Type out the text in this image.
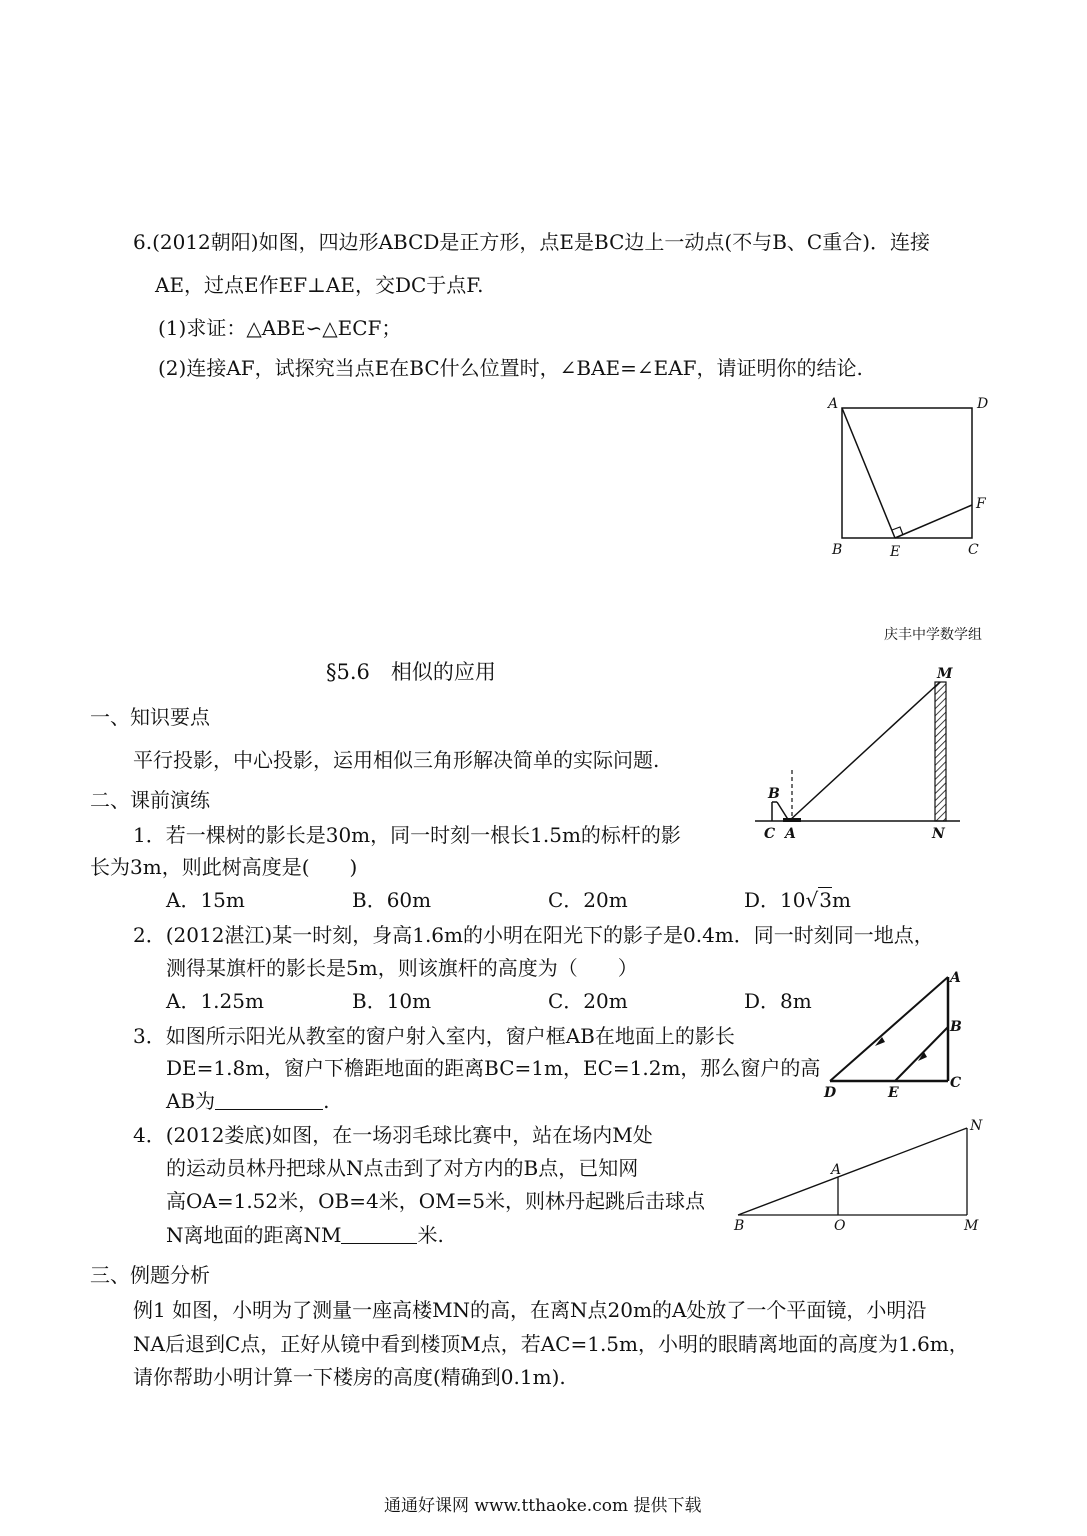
6.(2012朝阳)如图，四边形ABCD是正方形，点E是BC边上一动点(不与B、C重合)．连接
AE，过点E作EF⊥AE，交DC于点F.
(1)求证：△ABE∽△ECF；
(2)连接AF，试探究当点E在BC什么位置时，∠BAE=∠EAF，请证明你的结论.
A	D
B	E	C
F
庆丰中学数学组
§5.6　相似的应用
一、知识要点
平行投影，中心投影，运用相似三角形解决简单的实际问题.
二、课前演练
M
B
C A	N
1．若一棵树的影长是30m，同一时刻一根长1.5m的标杆的影
长为3m，则此树高度是(　　)
A．15m	B．60m	C．20m	D．10√3m
2．(2012湛江)某一时刻，身高1.6m的小明在阳光下的影子是0.4m．同一时刻同一地点，
测得某旗杆的影长是5m，则该旗杆的高度为（　　）
A．1.25m	B．10m	C．20m	D．8m
A
B
C
D	E
3．如图所示阳光从教室的窗户射入室内，窗户框AB在地面上的影长
DE=1.8m，窗户下檐距地面的距离BC=1m，EC=1.2m，那么窗户的高
AB为	.
4．(2012娄底)如图，在一场羽毛球比赛中，站在场内M处
的运动员林丹把球从N点击到了对方内的B点，已知网
高OA=1.52米，OB=4米，OM=5米，则林丹起跳后击球点
N离地面的距离NM	米.
N
A
B	O	M
三、例题分析
例1 如图，小明为了测量一座高楼MN的高，在离N点20m的A处放了一个平面镜，小明沿
NA后退到C点，正好从镜中看到楼顶M点，若AC=1.5m，小明的眼睛离地面的高度为1.6m，
请你帮助小明计算一下楼房的高度(精确到0.1m).
通通好课网 www.tthaoke.com 提供下载
